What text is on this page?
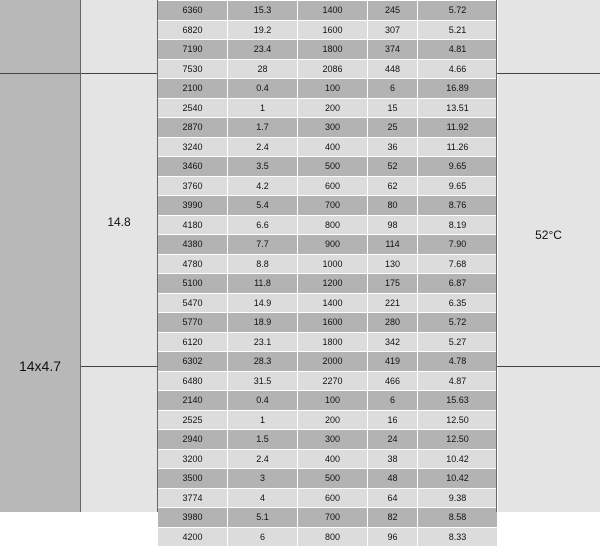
14x4.7
14.8
52°C
6360	15.3	1400	245	5.72
6820	19.2	1600	307	5.21
7190	23.4	1800	374	4.81
7530	28	2086	448	4.66
2100	0.4	100	6	16.89
2540	1	200	15	13.51
2870	1.7	300	25	11.92
3240	2.4	400	36	11.26
3460	3.5	500	52	9.65
3760	4.2	600	62	9.65
3990	5.4	700	80	8.76
4180	6.6	800	98	8.19
4380	7.7	900	114	7.90
4780	8.8	1000	130	7.68
5100	11.8	1200	175	6.87
5470	14.9	1400	221	6.35
5770	18.9	1600	280	5.72
6120	23.1	1800	342	5.27
6302	28.3	2000	419	4.78
6480	31.5	2270	466	4.87
2140	0.4	100	6	15.63
2525	1	200	16	12.50
2940	1.5	300	24	12.50
3200	2.4	400	38	10.42
3500	3	500	48	10.42
3774	4	600	64	9.38
3980	5.1	700	82	8.58
4200	6	800	96	8.33
